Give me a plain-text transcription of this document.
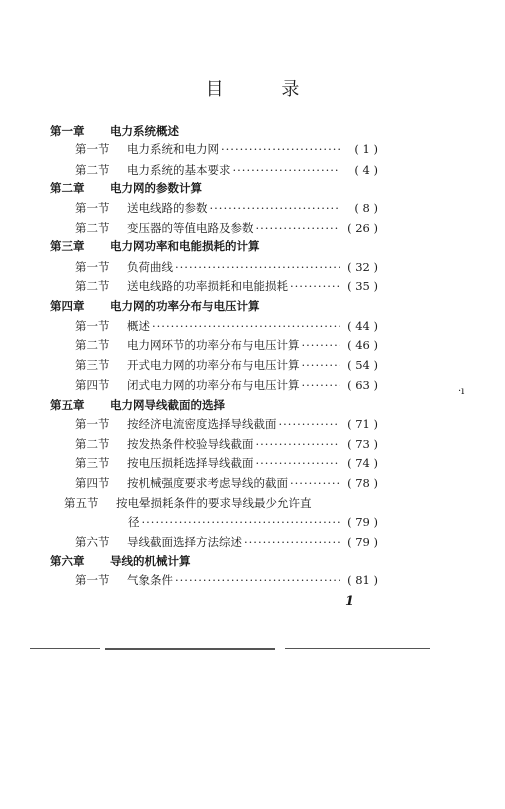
目 录
第一章	电力系统概述
第一节	电力系统和电力网 ·····	( 1 )
第二节	电力系统的基本要求 ·····	( 4 )
第二章	电力网的参数计算
第一节	送电线路的参数 ·····	( 8 )
第二节	变压器的等值电路及参数 ·····	( 26 )
第三章	电力网功率和电能损耗的计算
第一节	负荷曲线 ·····	( 32 )
第二节	送电线路的功率损耗和电能损耗 ·····	( 35 )
第四章	电力网的功率分布与电压计算
第一节	概述 ·····	( 44 )
第二节	电力网环节的功率分布与电压计算 ·····	( 46 )
第三节	开式电力网的功率分布与电压计算 ·····	( 54 )
第四节	闭式电力网的功率分布与电压计算 ·····	( 63 )
第五章	电力网导线截面的选择
第一节	按经济电流密度选择导线截面 ·····	( 71 )
第二节	按发热条件校验导线截面 ·····	( 73 )
第三节	按电压损耗选择导线截面 ·····	( 74 )
第四节	按机械强度要求考虑导线的截面 ·····	( 78 )
第五节	按电晕损耗条件的要求导线最少允许直
径 ·····	( 79 )
第六节	导线截面选择方法综述 ·····	( 79 )
第六章	导线的机械计算
第一节	气象条件 ·····	( 81 )
·ı
1
